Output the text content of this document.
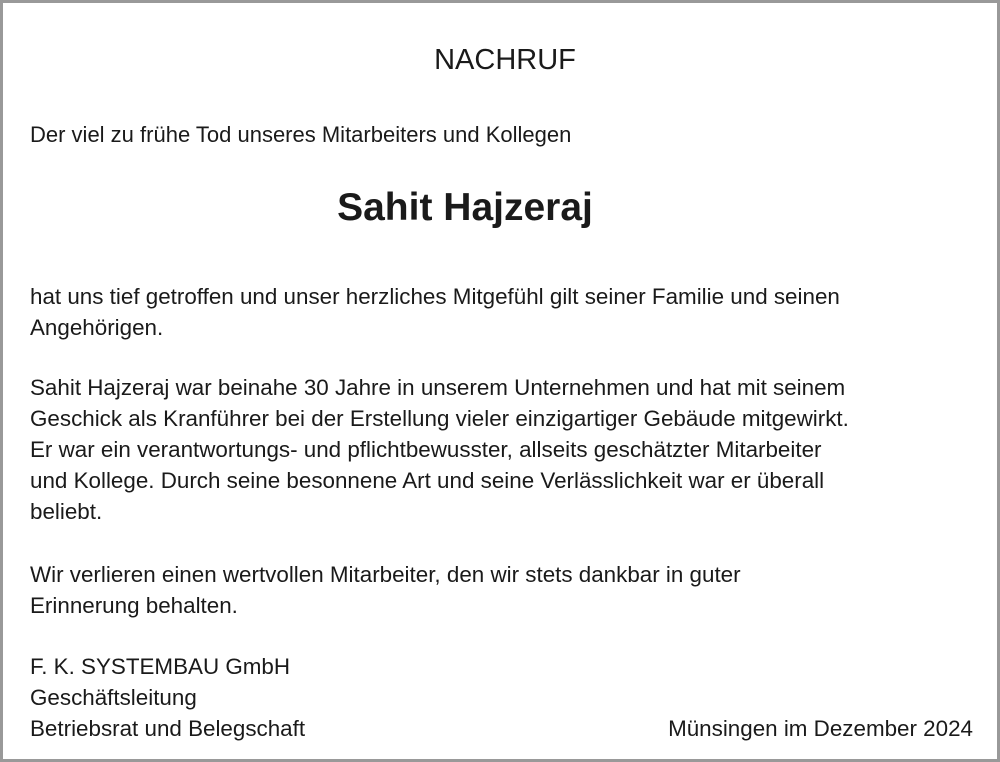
NACHRUF
Der viel zu frühe Tod unseres Mitarbeiters und Kollegen
Sahit Hajzeraj
hat uns tief getroffen und unser herzliches Mitgefühl gilt seiner Familie und seinen
Angehörigen.
Sahit Hajzeraj war beinahe 30 Jahre in unserem Unternehmen und hat mit seinem
Geschick als Kranführer bei der Erstellung vieler einzigartiger Gebäude mitgewirkt.
Er war ein verantwortungs- und pflichtbewusster, allseits geschätzter Mitarbeiter
und Kollege. Durch seine besonnene Art und seine Verlässlichkeit war er überall
beliebt.
Wir verlieren einen wertvollen Mitarbeiter, den wir stets dankbar in guter
Erinnerung behalten.
F. K. SYSTEMBAU GmbH
Geschäftsleitung
Betriebsrat und Belegschaft	Münsingen im Dezember 2024
